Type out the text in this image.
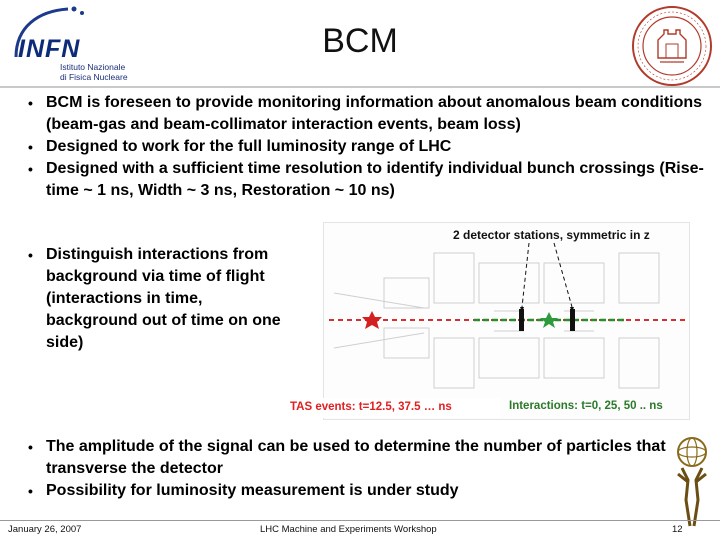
INFN
Istituto Nazionale
di Fisica Nucleare
BCM
• BCM is foreseen to provide monitoring information about anomalous beam conditions (beam-gas and beam-collimator interaction events, beam loss)
• Designed to work for the full luminosity range of LHC
• Designed with a sufficient time resolution to identify individual bunch crossings (Rise-time ~ 1 ns, Width ~ 3 ns, Restoration ~ 10 ns)
• Distinguish interactions from background via time of flight (interactions in time, background out of time on one side)
2 detector stations, symmetric in z
TAS events: t=12.5, 37.5 … ns	Interactions: t=0, 25, 50 .. ns
• The amplitude of the signal can be used to determine the number of particles that transverse the detector
• Possibility for luminosity measurement is under study
January 26, 2007	LHC Machine and Experiments Workshop	12
